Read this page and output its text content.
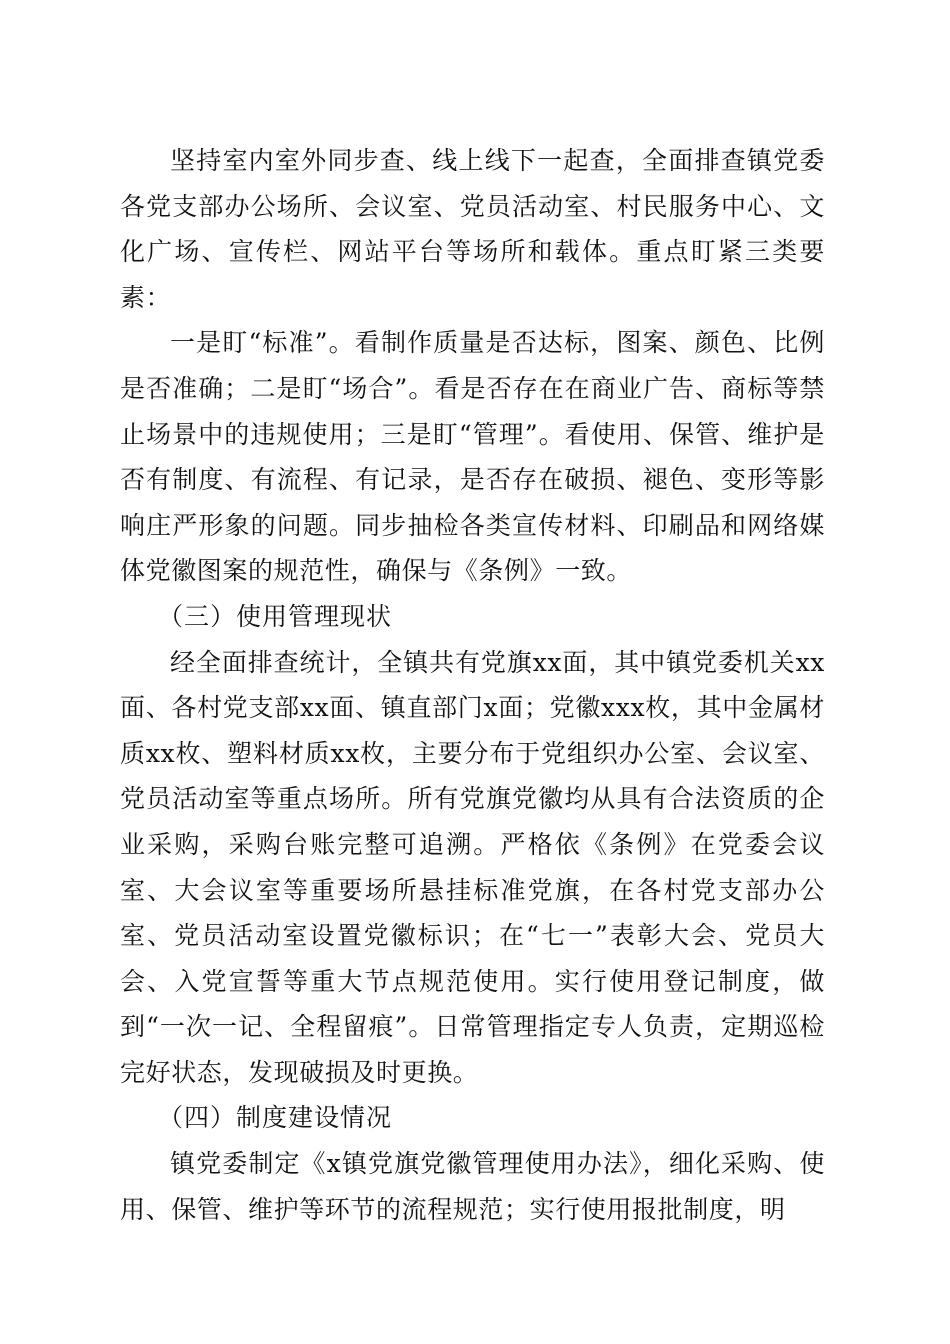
坚持室内室外同步查、线上线下一起查，全面排查镇党委各党支部办公场所、会议室、党员活动室、村民服务中心、文化广场、宣传栏、网站平台等场所和载体。重点盯紧三类要素：

一是盯“标准”。看制作质量是否达标，图案、颜色、比例是否准确；二是盯“场合”。看是否存在在商业广告、商标等禁止场景中的违规使用；三是盯“管理”。看使用、保管、维护是否有制度、有流程、有记录，是否存在破损、褪色、变形等影响庄严形象的问题。同步抽检各类宣传材料、印刷品和网络媒体党徽图案的规范性，确保与《条例》一致。

（三）使用管理现状

经全面排查统计，全镇共有党旗xx面，其中镇党委机关xx面、各村党支部xx面、镇直部门x面；党徽xxx枚，其中金属材质xx枚、塑料材质xx枚，主要分布于党组织办公室、会议室、党员活动室等重点场所。所有党旗党徽均从具有合法资质的企业采购，采购台账完整可追溯。严格依《条例》在党委会议室、大会议室等重要场所悬挂标准党旗，在各村党支部办公室、党员活动室设置党徽标识；在“七一”表彰大会、党员大会、入党宣誓等重大节点规范使用。实行使用登记制度，做到“一次一记、全程留痕”。日常管理指定专人负责，定期巡检完好状态，发现破损及时更换。

（四）制度建设情况

镇党委制定《x镇党旗党徽管理使用办法》，细化采购、使用、保管、维护等环节的流程规范；实行使用报批制度，明
